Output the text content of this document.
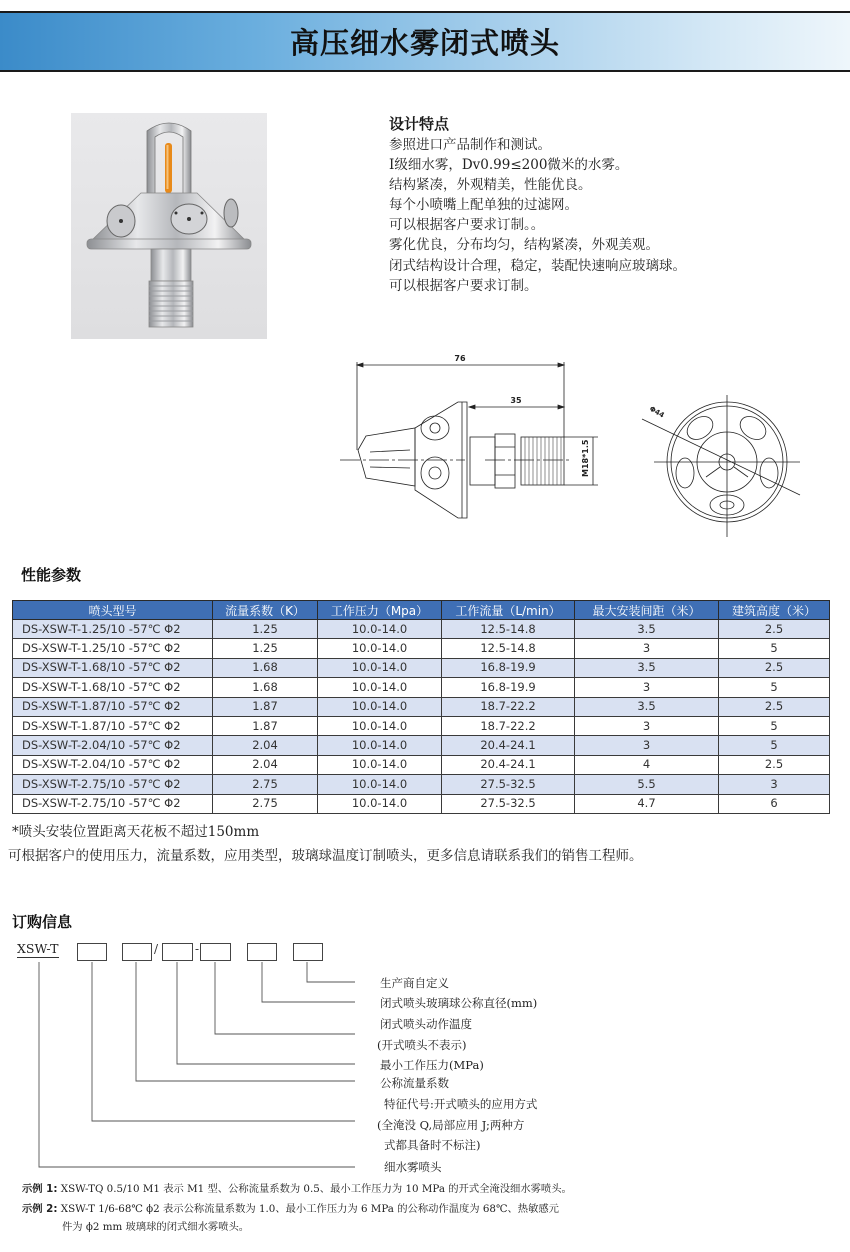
高压细水雾闭式喷头
设计特点
参照进口产品制作和测试。
I级细水雾，Dv0.99≤200微米的水雾。
结构紧凑，外观精美，性能优良。
每个小喷嘴上配单独的过滤网。
可以根据客户要求订制。。
雾化优良，分布均匀，结构紧凑，外观美观。
闭式结构设计合理，稳定，装配快速响应玻璃球。
可以根据客户要求订制。
76
35
M18*1.5
Φ44
性能参数
喷头型号	流量系数（K）	工作压力（Mpa）	工作流量（L/min）	最大安装间距（米）	建筑高度（米）
DS-XSW-T-1.25/10 -57℃ Φ2	1.25	10.0-14.0	12.5-14.8	3.5	2.5
DS-XSW-T-1.25/10 -57℃ Φ2	1.25	10.0-14.0	12.5-14.8	3	5
DS-XSW-T-1.68/10 -57℃ Φ2	1.68	10.0-14.0	16.8-19.9	3.5	2.5
DS-XSW-T-1.68/10 -57℃ Φ2	1.68	10.0-14.0	16.8-19.9	3	5
DS-XSW-T-1.87/10 -57℃ Φ2	1.87	10.0-14.0	18.7-22.2	3.5	2.5
DS-XSW-T-1.87/10 -57℃ Φ2	1.87	10.0-14.0	18.7-22.2	3	5
DS-XSW-T-2.04/10 -57℃ Φ2	2.04	10.0-14.0	20.4-24.1	3	5
DS-XSW-T-2.04/10 -57℃ Φ2	2.04	10.0-14.0	20.4-24.1	4	2.5
DS-XSW-T-2.75/10 -57℃ Φ2	2.75	10.0-14.0	27.5-32.5	5.5	3
DS-XSW-T-2.75/10 -57℃ Φ2	2.75	10.0-14.0	27.5-32.5	4.7	6
*喷头安装位置距离天花板不超过150mm
可根据客户的使用压力，流量系数，应用类型，玻璃球温度订制喷头，更多信息请联系我们的销售工程师。
订购信息
XSW-T	/	-
生产商自定义
闭式喷头玻璃球公称直径(mm)
闭式喷头动作温度
(开式喷头不表示)
最小工作压力(MPa)
公称流量系数
特征代号:开式喷头的应用方式
(全淹没 Q,局部应用 J;两种方
式都具备时不标注)
细水雾喷头
示例 1: XSW-TQ 0.5/10 M1 表示 M1 型、公称流量系数为 0.5、最小工作压力为 10 MPa 的开式全淹没细水雾喷头。
示例 2: XSW-T 1/6-68℃ ϕ2 表示公称流量系数为 1.0、最小工作压力为 6 MPa 的公称动作温度为 68℃、热敏感元
件为 ϕ2 mm 玻璃球的闭式细水雾喷头。
